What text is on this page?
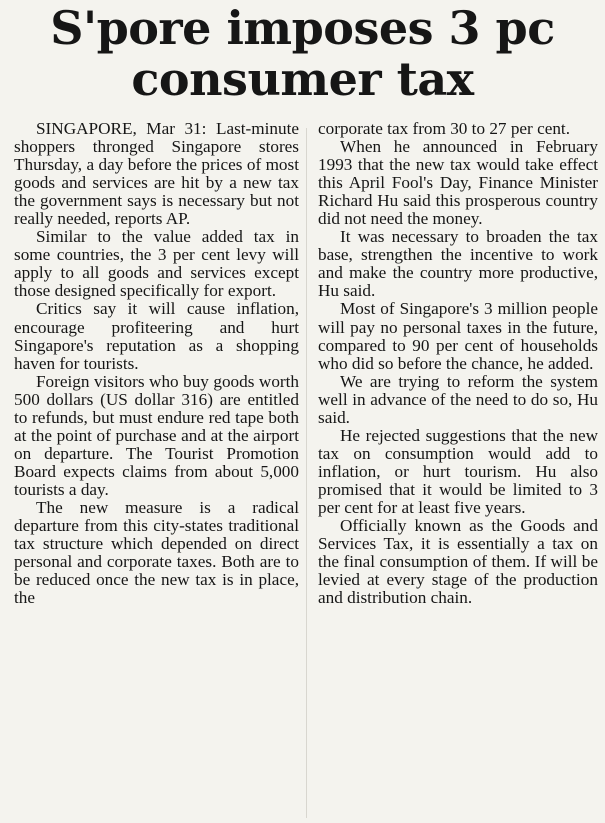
S'pore imposes 3 pc
consumer tax

SINGAPORE, Mar 31: Last-minute shoppers thronged Singapore stores Thursday, a day before the prices of most goods and services are hit by a new tax the government says is necessary but not really needed, reports AP.

Similar to the value added tax in some countries, the 3 per cent levy will apply to all goods and services except those designed specifically for export.

Critics say it will cause inflation, encourage profiteering and hurt Singapore's reputation as a shopping haven for tourists.

Foreign visitors who buy goods worth 500 dollars (US dollar 316) are entitled to refunds, but must endure red tape both at the point of purchase and at the airport on departure. The Tourist Promotion Board expects claims from about 5,000 tourists a day.

The new measure is a radical departure from this city-states traditional tax structure which depended on direct personal and corporate taxes. Both are to be reduced once the new tax is in place, the

corporate tax from 30 to 27 per cent.

When he announced in February 1993 that the new tax would take effect this April Fool's Day, Finance Minister Richard Hu said this prosperous country did not need the money.

It was necessary to broaden the tax base, strengthen the incentive to work and make the country more productive, Hu said.

Most of Singapore's 3 million people will pay no personal taxes in the future, compared to 90 per cent of households who did so before the chance, he added.

We are trying to reform the system well in advance of the need to do so, Hu said.

He rejected suggestions that the new tax on consumption would add to inflation, or hurt tourism. Hu also promised that it would be limited to 3 per cent for at least five years.

Officially known as the Goods and Services Tax, it is essentially a tax on the final consumption of them. If will be levied at every stage of the production and distribution chain.
